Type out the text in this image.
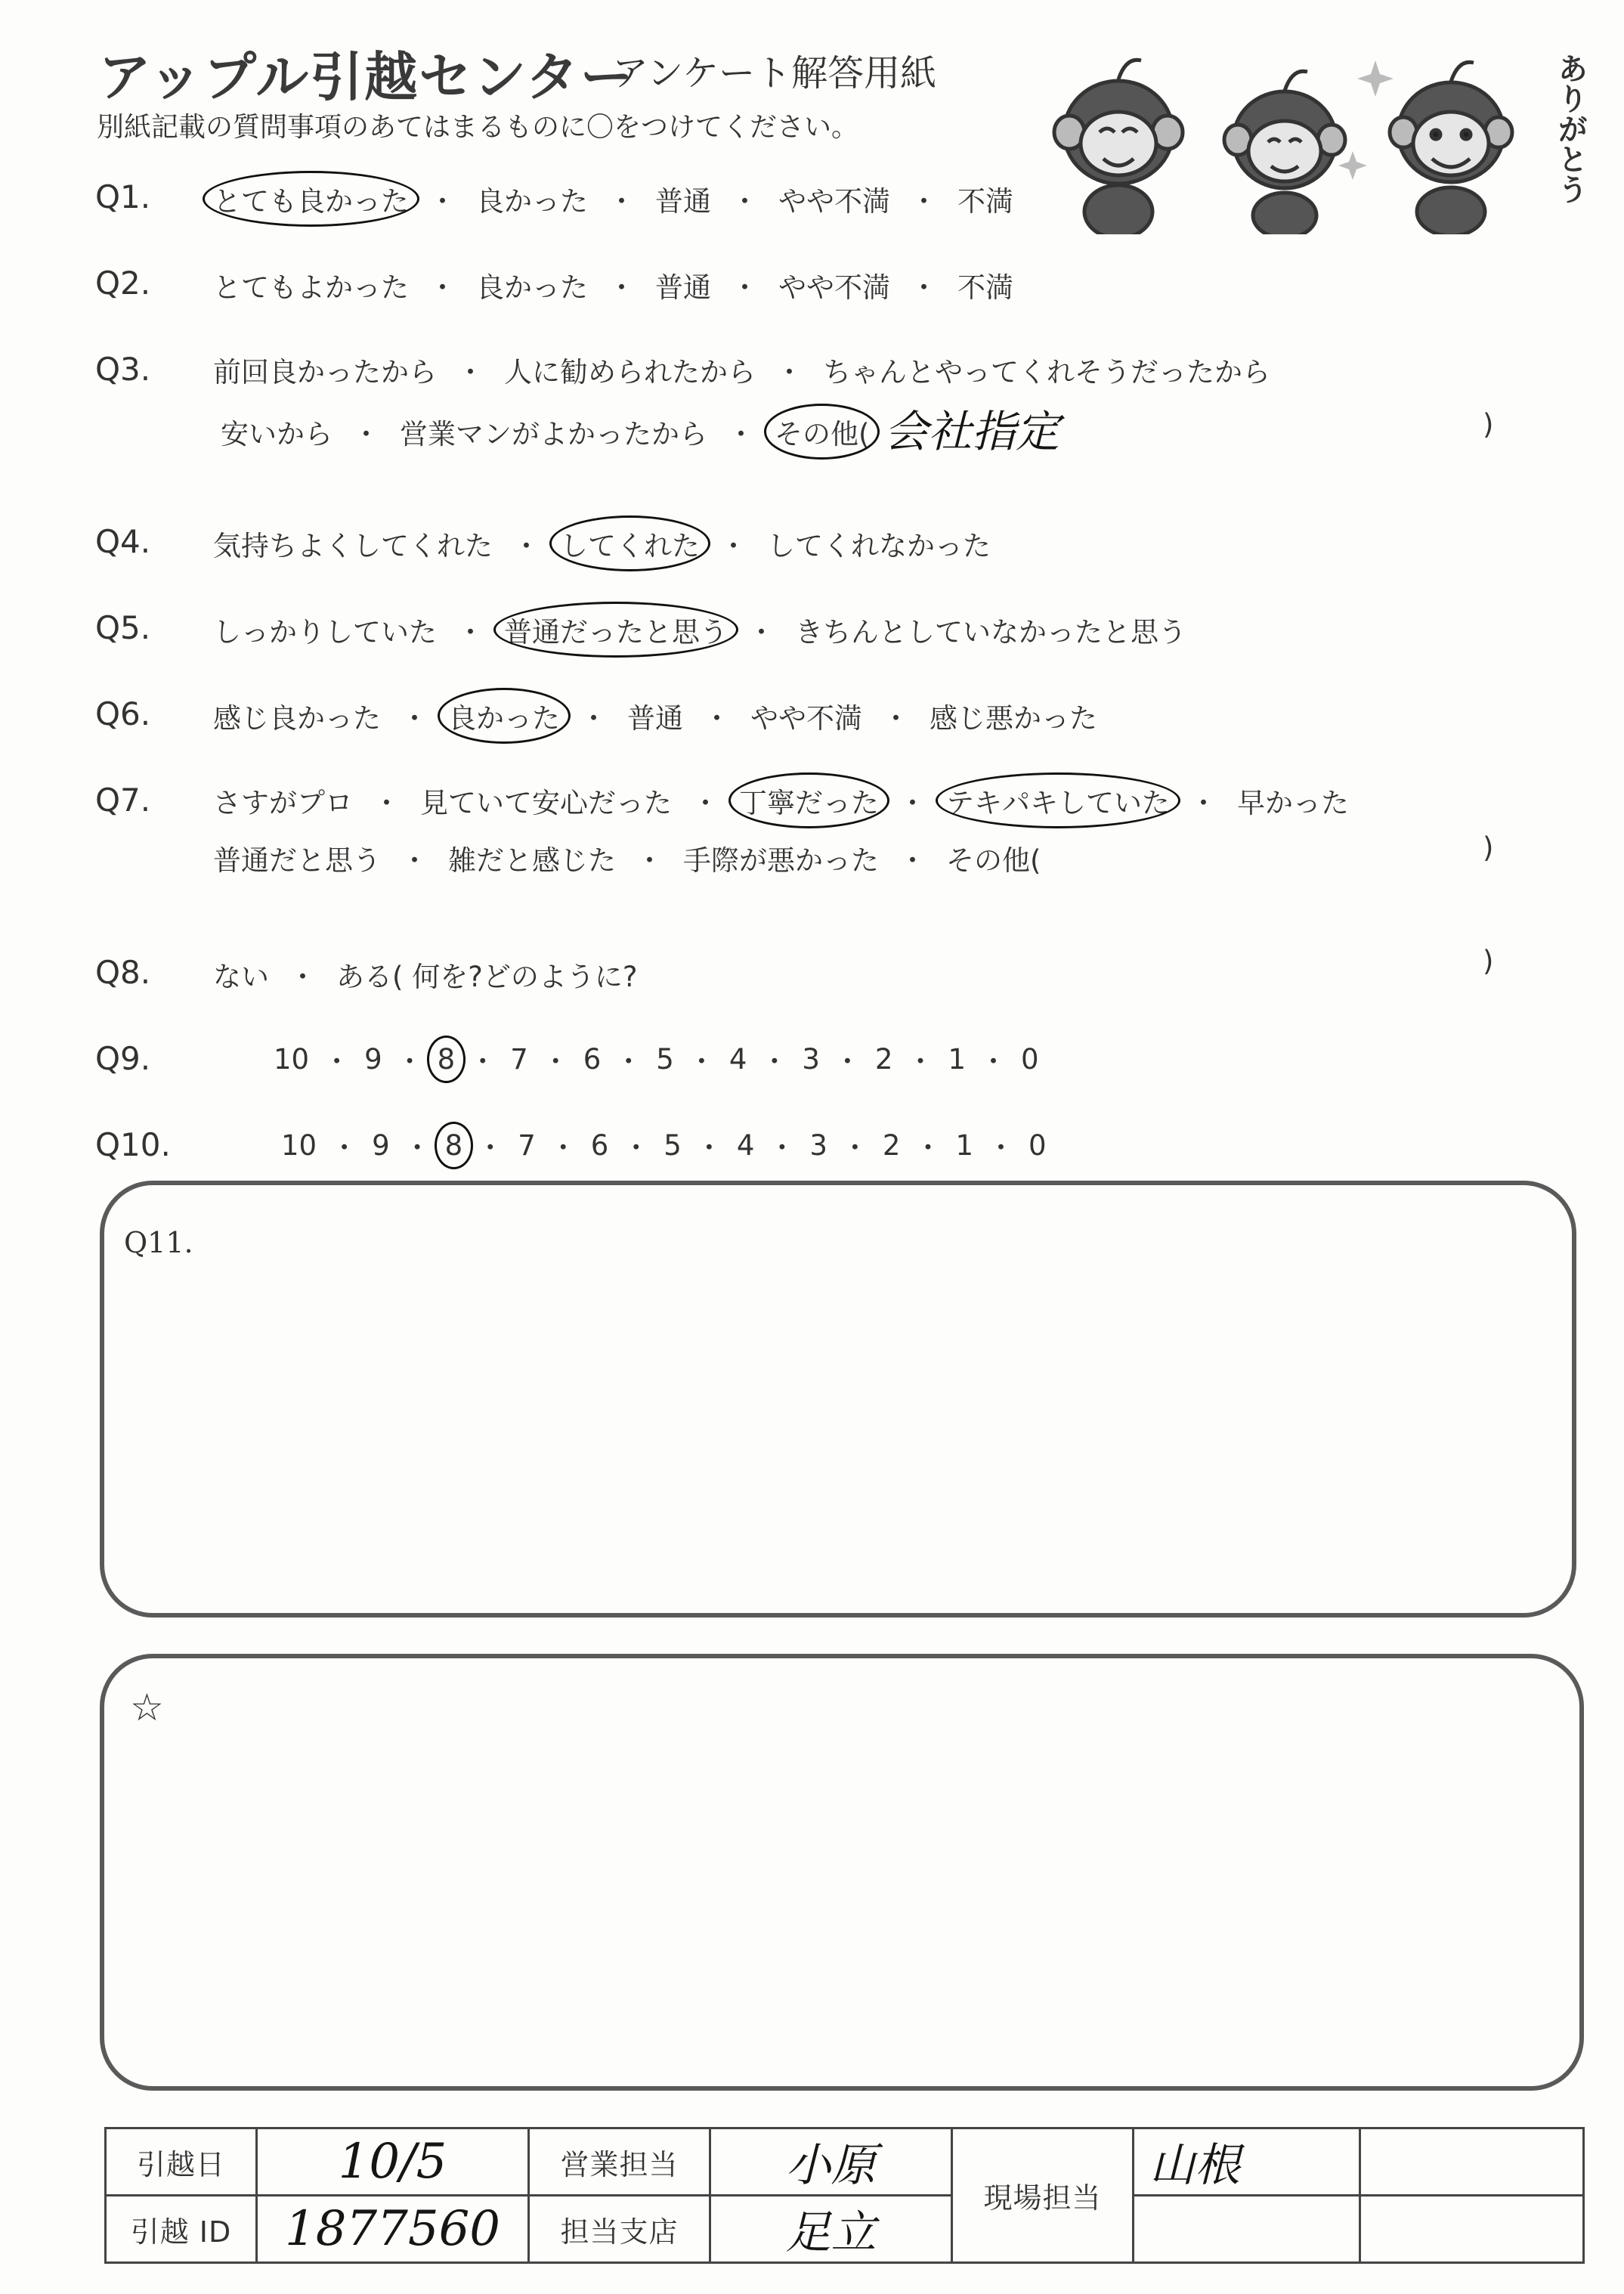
アップル引越センター
アンケート解答用紙
別紙記載の質問事項のあてはまるものに〇をつけてください。	ありがとう
Q1.
Q2.
Q3.
Q4.
Q5.
Q6.
Q7.
Q8.
Q9.
Q10.
とても良かった ・ 良かった ・ 普通 ・ やや不満 ・ 不満
とてもよかった ・ 良かった ・ 普通 ・ やや不満 ・ 不満
前回良かったから ・ 人に勧められたから ・ ちゃんとやってくれそうだったから
安いから ・ 営業マンがよかったから ・ その他(	)
会社指定
気持ちよくしてくれた ・ してくれた ・ してくれなかった
しっかりしていた ・ 普通だったと思う ・ きちんとしていなかったと思う
感じ良かった ・ 良かった ・ 普通 ・ やや不満 ・ 感じ悪かった
さすがプロ ・ 見ていて安心だった ・ 丁寧だった ・ テキパキしていた ・ 早かった
普通だと思う ・ 雑だと感じた ・ 手際が悪かった ・ その他(	)
ない ・ ある( 何を?どのように?	)
10 ・ 9 ・ 8 ・ 7 ・ 6 ・ 5 ・ 4 ・ 3 ・ 2 ・ 1 ・ 0
10 ・ 9 ・ 8 ・ 7 ・ 6 ・ 5 ・ 4 ・ 3 ・ 2 ・ 1 ・ 0
Q11.
☆
引越日	10/5	営業担当	小原	現場担当	山根	
引越 ID	1877560	担当支店	足立			
